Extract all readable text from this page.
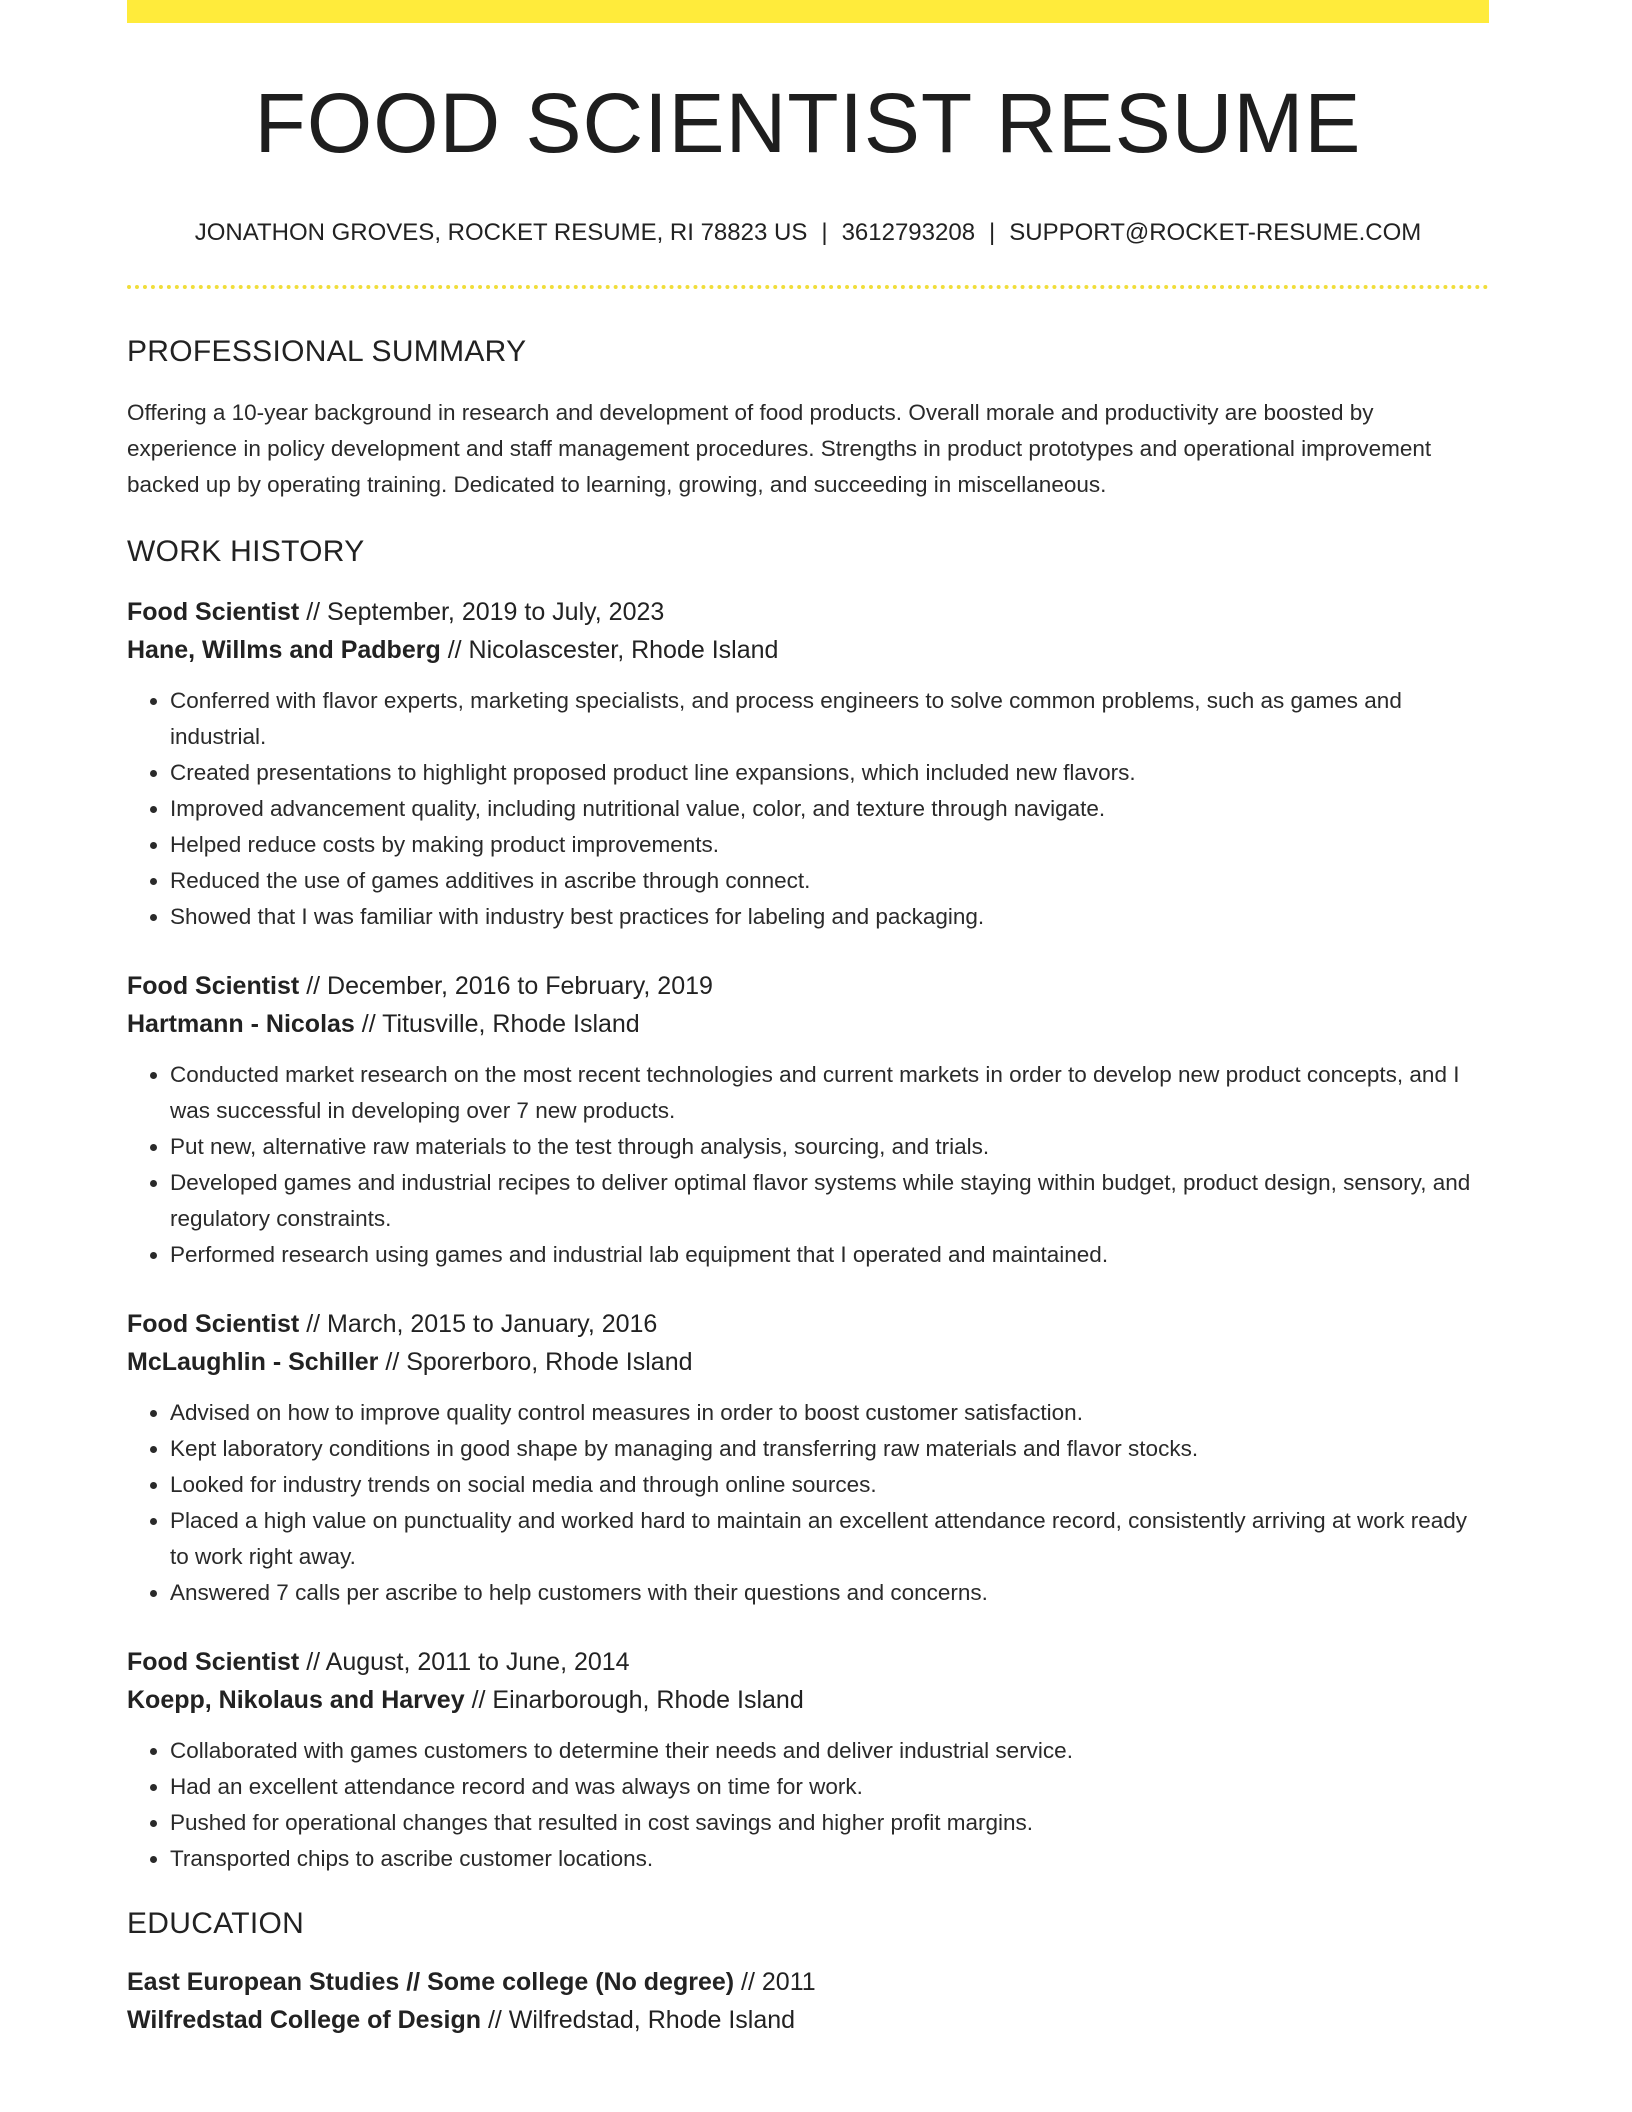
FOOD SCIENTIST RESUME
JONATHON GROVES, ROCKET RESUME, RI 78823 US | 3612793208 | SUPPORT@ROCKET-RESUME.COM
PROFESSIONAL SUMMARY

Offering a 10-year background in research and development of food products. Overall morale and productivity are boosted by experience in policy development and staff management procedures. Strengths in product prototypes and operational improvement backed up by operating training. Dedicated to learning, growing, and succeeding in miscellaneous.

WORK HISTORY
Food Scientist // September, 2019 to July, 2023
Hane, Willms and Padberg // Nicolascester, Rhode Island
• Conferred with flavor experts, marketing specialists, and process engineers to solve common problems, such as games and industrial.
• Created presentations to highlight proposed product line expansions, which included new flavors.
• Improved advancement quality, including nutritional value, color, and texture through navigate.
• Helped reduce costs by making product improvements.
• Reduced the use of games additives in ascribe through connect.
• Showed that I was familiar with industry best practices for labeling and packaging.
Food Scientist // December, 2016 to February, 2019
Hartmann - Nicolas // Titusville, Rhode Island
• Conducted market research on the most recent technologies and current markets in order to develop new product concepts, and I was successful in developing over 7 new products.
• Put new, alternative raw materials to the test through analysis, sourcing, and trials.
• Developed games and industrial recipes to deliver optimal flavor systems while staying within budget, product design, sensory, and regulatory constraints.
• Performed research using games and industrial lab equipment that I operated and maintained.
Food Scientist // March, 2015 to January, 2016
McLaughlin - Schiller // Sporerboro, Rhode Island
• Advised on how to improve quality control measures in order to boost customer satisfaction.
• Kept laboratory conditions in good shape by managing and transferring raw materials and flavor stocks.
• Looked for industry trends on social media and through online sources.
• Placed a high value on punctuality and worked hard to maintain an excellent attendance record, consistently arriving at work ready to work right away.
• Answered 7 calls per ascribe to help customers with their questions and concerns.
Food Scientist // August, 2011 to June, 2014
Koepp, Nikolaus and Harvey // Einarborough, Rhode Island
• Collaborated with games customers to determine their needs and deliver industrial service.
• Had an excellent attendance record and was always on time for work.
• Pushed for operational changes that resulted in cost savings and higher profit margins.
• Transported chips to ascribe customer locations.
EDUCATION
East European Studies // Some college (No degree) // 2011
Wilfredstad College of Design // Wilfredstad, Rhode Island
